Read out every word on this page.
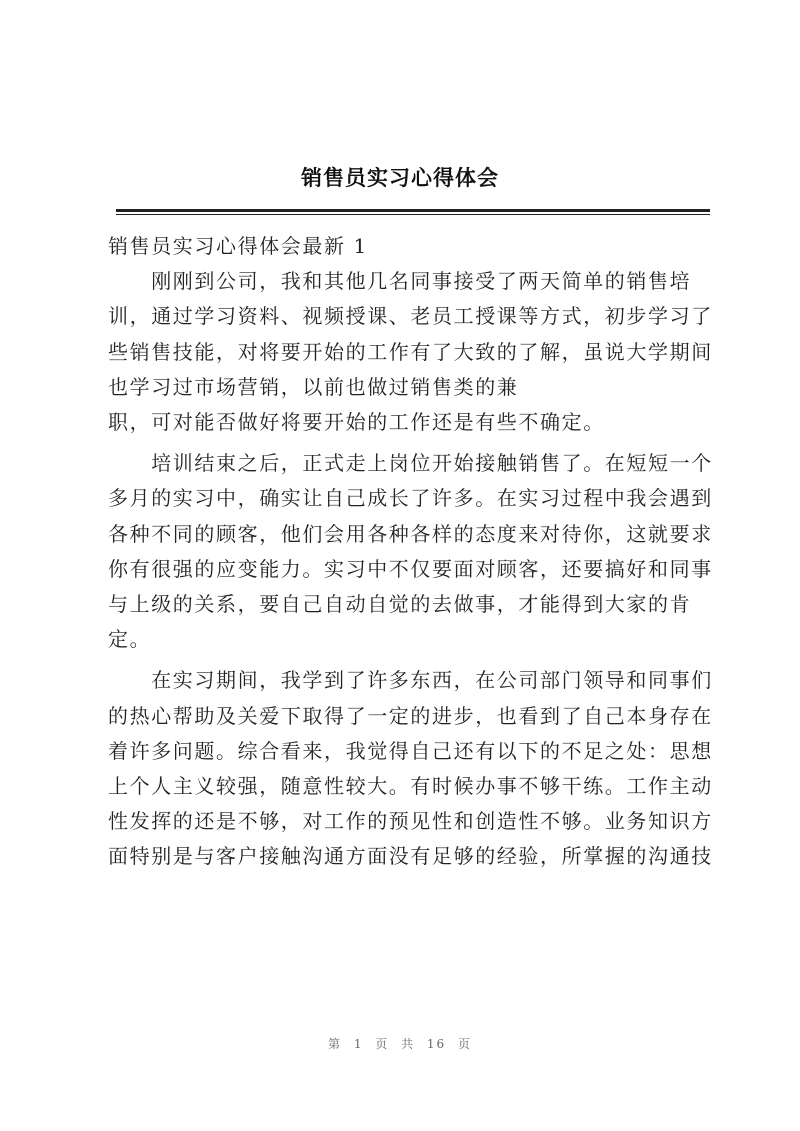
销售员实习心得体会

销售员实习心得体会最新 1

　　刚刚到公司，我和其他几名同事接受了两天简单的销售培

训，通过学习资料、视频授课、老员工授课等方式，初步学习了

些销售技能，对将要开始的工作有了大致的了解，虽说大学期间

也学习过市场营销，以前也做过销售类的兼

职，可对能否做好将要开始的工作还是有些不确定。

　　培训结束之后，正式走上岗位开始接触销售了。在短短一个

多月的实习中，确实让自己成长了许多。在实习过程中我会遇到

各种不同的顾客，他们会用各种各样的态度来对待你，这就要求

你有很强的应变能力。实习中不仅要面对顾客，还要搞好和同事

与上级的关系，要自己自动自觉的去做事，才能得到大家的肯

定。

　　在实习期间，我学到了许多东西，在公司部门领导和同事们

的热心帮助及关爱下取得了一定的进步，也看到了自己本身存在

着许多问题。综合看来，我觉得自己还有以下的不足之处：思想

上个人主义较强，随意性较大。有时候办事不够干练。工作主动

性发挥的还是不够，对工作的预见性和创造性不够。业务知识方

面特别是与客户接触沟通方面没有足够的经验，所掌握的沟通技

第 1 页 共 16 页
